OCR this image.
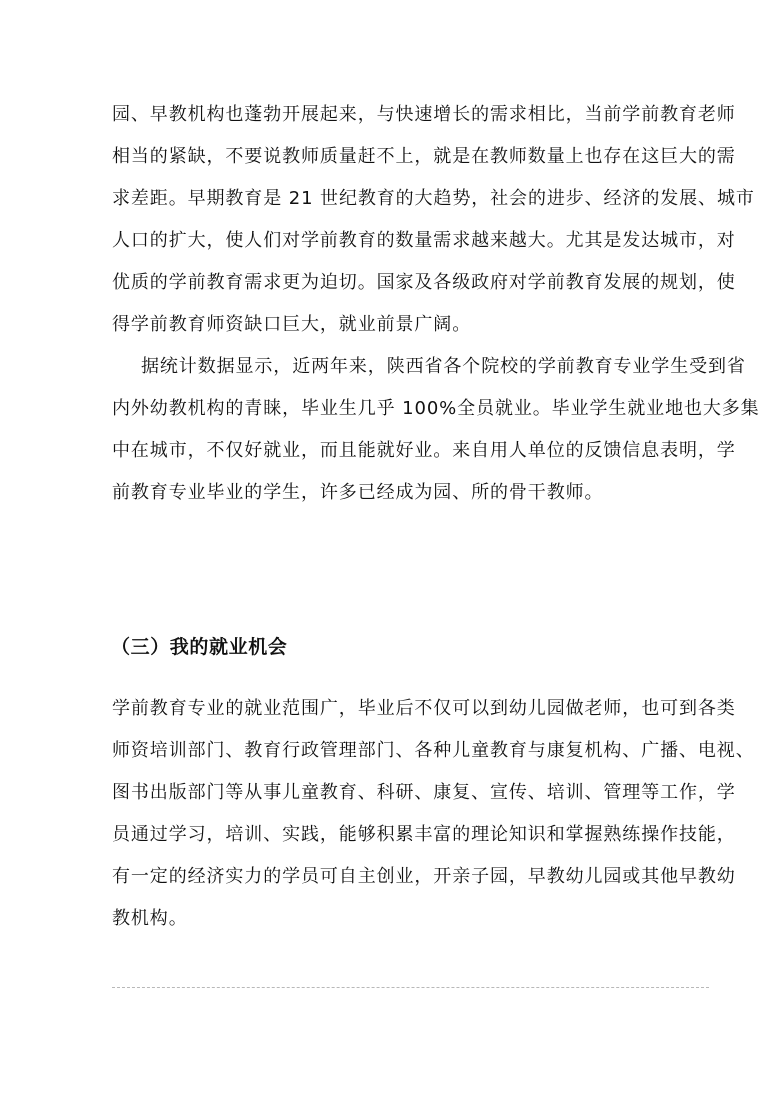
园、早教机构也蓬勃开展起来，与快速增长的需求相比，当前学前教育老师
相当的紧缺，不要说教师质量赶不上，就是在教师数量上也存在这巨大的需
求差距。早期教育是 21 世纪教育的大趋势，社会的进步、经济的发展、城市
人口的扩大，使人们对学前教育的数量需求越来越大。尤其是发达城市，对
优质的学前教育需求更为迫切。国家及各级政府对学前教育发展的规划，使
得学前教育师资缺口巨大，就业前景广阔。
据统计数据显示，近两年来，陕西省各个院校的学前教育专业学生受到省
内外幼教机构的青睐，毕业生几乎 100%全员就业。毕业学生就业地也大多集
中在城市，不仅好就业，而且能就好业。来自用人单位的反馈信息表明，学
前教育专业毕业的学生，许多已经成为园、所的骨干教师。
（三）我的就业机会
学前教育专业的就业范围广，毕业后不仅可以到幼儿园做老师，也可到各类
师资培训部门、教育行政管理部门、各种儿童教育与康复机构、广播、电视、
图书出版部门等从事儿童教育、科研、康复、宣传、培训、管理等工作，学
员通过学习，培训、实践，能够积累丰富的理论知识和掌握熟练操作技能，
有一定的经济实力的学员可自主创业，开亲子园，早教幼儿园或其他早教幼
教机构。
